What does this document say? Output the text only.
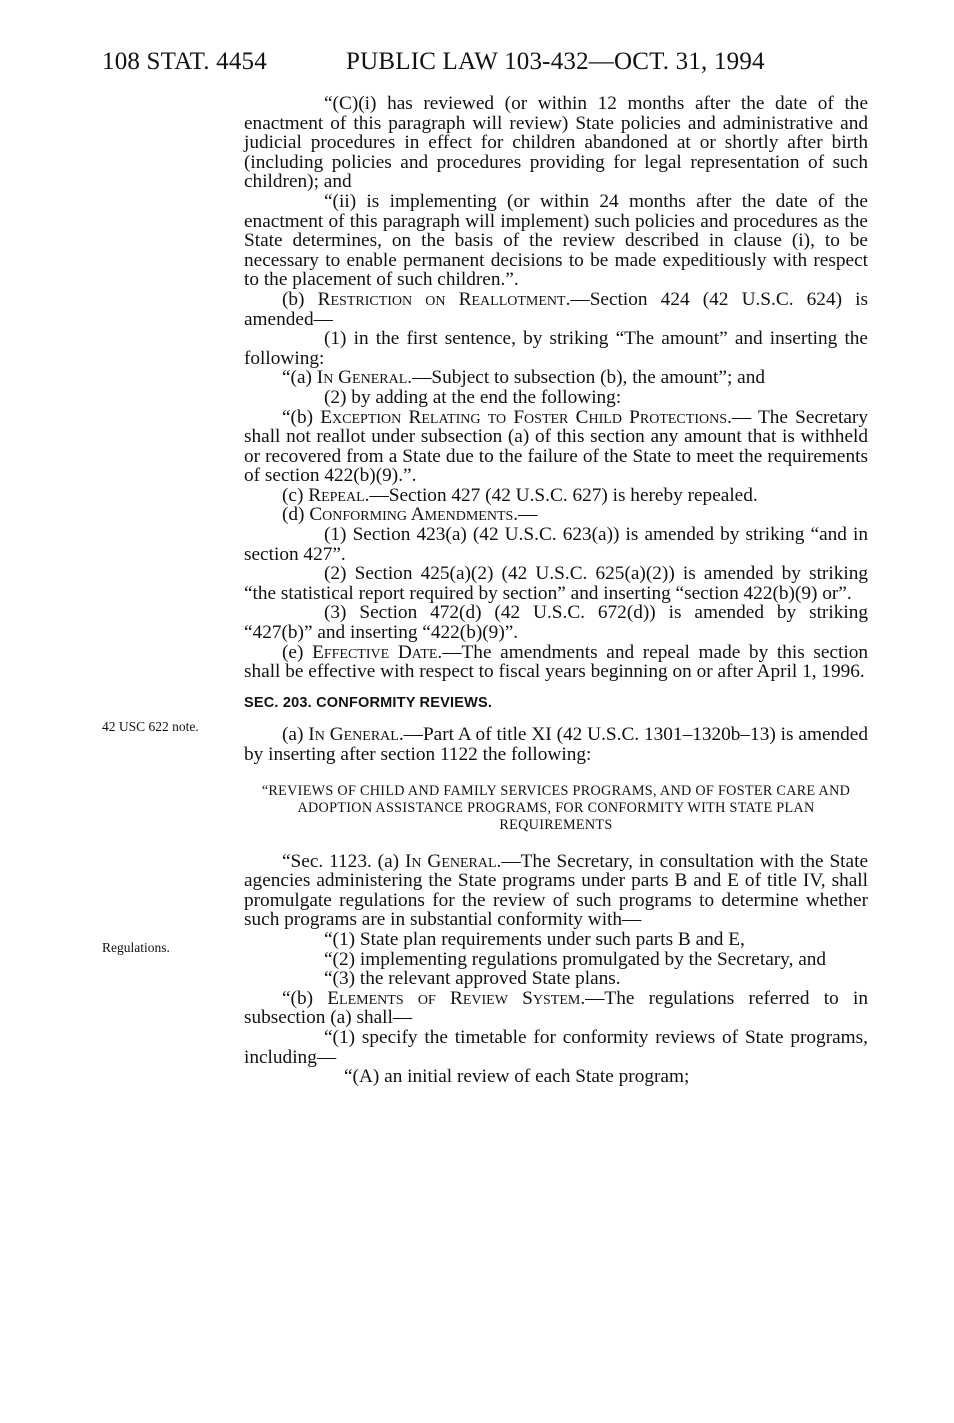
108 STAT. 4454	PUBLIC LAW 103-432—OCT. 31, 1994
42 USC 622 note.
Regulations.

“(C)(i) has reviewed (or within 12 months after the date of the enactment of this paragraph will review) State policies and administrative and judicial procedures in effect for children abandoned at or shortly after birth (including policies and procedures providing for legal representation of such children); and

“(ii) is implementing (or within 24 months after the date of the enactment of this paragraph will implement) such policies and procedures as the State determines, on the basis of the review described in clause (i), to be necessary to enable permanent decisions to be made expeditiously with respect to the placement of such children.”.

(b) Restriction on Reallotment.—Section 424 (42 U.S.C. 624) is amended—

(1) in the first sentence, by striking “The amount” and inserting the following:

“(a) In General.—Subject to subsection (b), the amount”; and

(2) by adding at the end the following:

“(b) Exception Relating to Foster Child Protections.— The Secretary shall not reallot under subsection (a) of this section any amount that is withheld or recovered from a State due to the failure of the State to meet the requirements of section 422(b)(9).”.

(c) Repeal.—Section 427 (42 U.S.C. 627) is hereby repealed.

(d) Conforming Amendments.—

(1) Section 423(a) (42 U.S.C. 623(a)) is amended by striking “and in section 427”.

(2) Section 425(a)(2) (42 U.S.C. 625(a)(2)) is amended by striking “the statistical report required by section” and inserting “section 422(b)(9) or”.

(3) Section 472(d) (42 U.S.C. 672(d)) is amended by striking “427(b)” and inserting “422(b)(9)”.

(e) Effective Date.—The amendments and repeal made by this section shall be effective with respect to fiscal years beginning on or after April 1, 1996.

SEC. 203. CONFORMITY REVIEWS.

(a) In General.—Part A of title XI (42 U.S.C. 1301–1320b–13) is amended by inserting after section 1122 the following:

“REVIEWS OF CHILD AND FAMILY SERVICES PROGRAMS, AND OF FOSTER CARE AND ADOPTION ASSISTANCE PROGRAMS, FOR CONFORMITY WITH STATE PLAN REQUIREMENTS

“Sec. 1123. (a) In General.—The Secretary, in consultation with the State agencies administering the State programs under parts B and E of title IV, shall promulgate regulations for the review of such programs to determine whether such programs are in substantial conformity with—

“(1) State plan requirements under such parts B and E,

“(2) implementing regulations promulgated by the Secretary, and

“(3) the relevant approved State plans.

“(b) Elements of Review System.—The regulations referred to in subsection (a) shall—

“(1) specify the timetable for conformity reviews of State programs, including—

“(A) an initial review of each State program;
